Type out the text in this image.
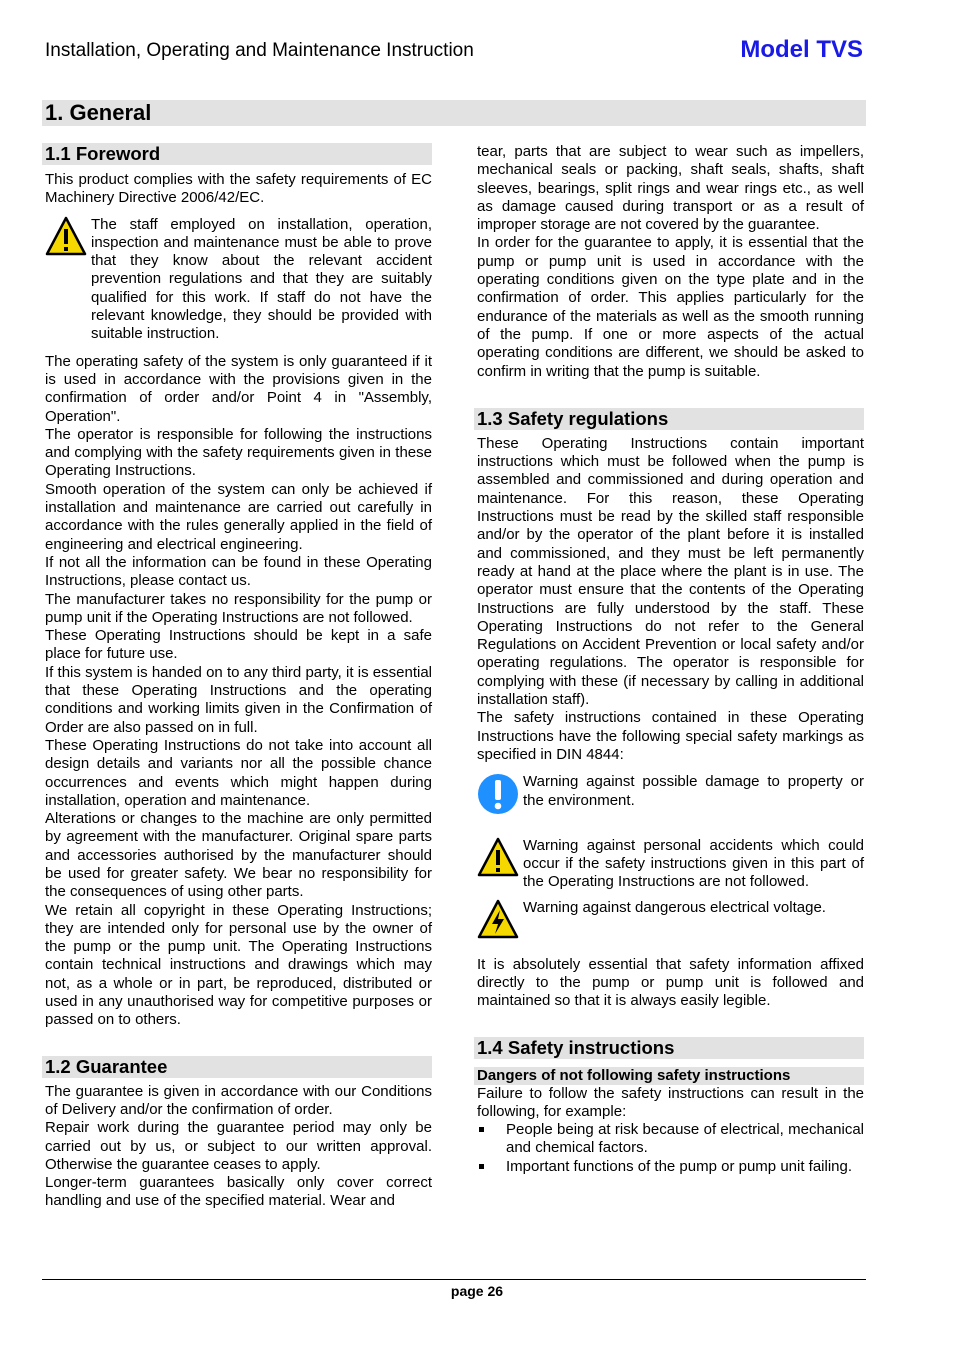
Installation, Operating and Maintenance Instruction	Model TVS
1. General
1.1 Foreword

This product complies with the safety requirements of EC Machinery Directive 2006/42/EC.

The staff employed on installation, operation, inspection and maintenance must be able to prove that they know about the relevant accident prevention regulations and that they are suitably qualified for this work. If staff do not have the relevant knowledge, they should be provided with suitable instruction.

The operating safety of the system is only guaranteed if it is used in accordance with the provisions given in the confirmation of order and/or Point 4 in "Assembly, Operation".

The operator is responsible for following the instructions and complying with the safety requirements given in these Operating Instructions.

Smooth operation of the system can only be achieved if installation and maintenance are carried out carefully in accordance with the rules generally applied in the field of engineering and electrical engineering.

If not all the information can be found in these Operating Instructions, please contact us.

The manufacturer takes no responsibility for the pump or pump unit if the Operating Instructions are not followed.

These Operating Instructions should be kept in a safe place for future use.

If this system is handed on to any third party, it is essential that these Operating Instructions and the operating conditions and working limits given in the Confirmation of Order are also passed on in full.

These Operating Instructions do not take into account all design details and variants nor all the possible chance occurrences and events which might happen during installation, operation and maintenance.

Alterations or changes to the machine are only permitted by agreement with the manufacturer. Original spare parts and accessories authorised by the manufacturer should be used for greater safety. We bear no responsibility for the consequences of using other parts.

We retain all copyright in these Operating Instructions; they are intended only for personal use by the owner of the pump or the pump unit. The Operating Instructions contain technical instructions and drawings which may not, as a whole or in part, be reproduced, distributed or used in any unauthorised way for competitive purposes or passed on to others.

1.2 Guarantee

The guarantee is given in accordance with our Conditions of Delivery and/or the confirmation of order.

Repair work during the guarantee period may only be carried out by us, or subject to our written approval. Otherwise the guarantee ceases to apply.

Longer-term guarantees basically only cover correct handling and use of the specified material. Wear and

tear, parts that are subject to wear such as impellers, mechanical seals or packing, shaft seals, shafts, shaft sleeves, bearings, split rings and wear rings etc., as well as damage caused during transport or as a result of improper storage are not covered by the guarantee.

In order for the guarantee to apply, it is essential that the pump or pump unit is used in accordance with the operating conditions given on the type plate and in the confirmation of order. This applies particularly for the endurance of the materials as well as the smooth running of the pump. If one or more aspects of the actual operating conditions are different, we should be asked to confirm in writing that the pump is suitable.

1.3 Safety regulations

These Operating Instructions contain important instructions which must be followed when the pump is assembled and commissioned and during operation and maintenance. For this reason, these Operating Instructions must be read by the skilled staff responsible and/or by the operator of the plant before it is installed and commissioned, and they must be left permanently ready at hand at the place where the plant is in use. The operator must ensure that the contents of the Operating Instructions are fully understood by the staff. These Operating Instructions do not refer to the General Regulations on Accident Prevention or local safety and/or operating regulations. The operator is responsible for complying with these (if necessary by calling in additional installation staff).

The safety instructions contained in these Operating Instructions have the following special safety markings as specified in DIN 4844:

Warning against possible damage to property or the environment.

Warning against personal accidents which could occur if the safety instructions given in this part of the Operating Instructions are not followed.

Warning against dangerous electrical voltage.

It is absolutely essential that safety information affixed directly to the pump or pump unit is followed and maintained so that it is always easily legible.

1.4 Safety instructions
Dangers of not following safety instructions

Failure to follow the safety instructions can result in the following, for example:

People being at risk because of electrical, mechanical and chemical factors.
Important functions of the pump or pump unit failing.
page 26
